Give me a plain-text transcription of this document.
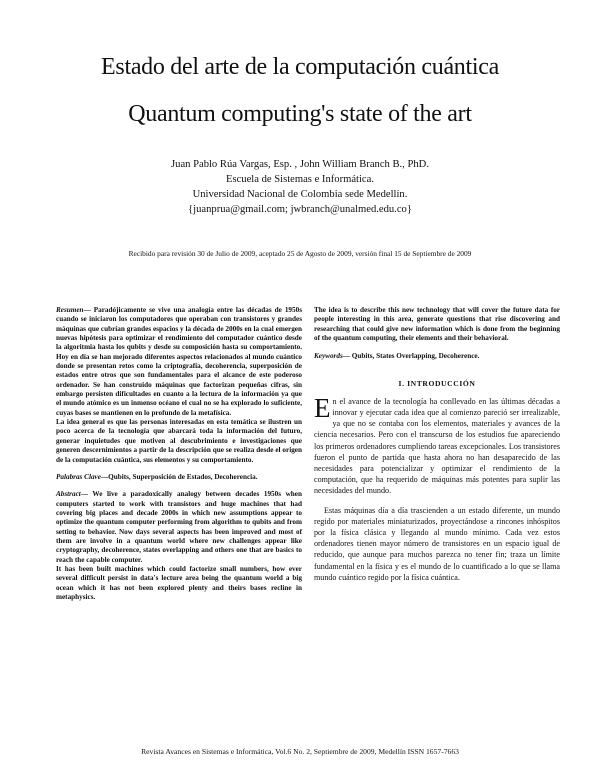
Estado del arte de la computación cuántica
Quantum computing's state of the art
Juan Pablo Rúa Vargas, Esp. , John William Branch B., PhD.
Escuela de Sistemas e Informática.
Universidad Nacional de Colombia sede Medellín.
{juanprua@gmail.com; jwbranch@unalmed.edu.co}
Recibido para revisión 30 de Julio de 2009, aceptado 25 de Agosto de 2009, versión final 15 de Septiembre de 2009

Resumen— Paradójicamente se vive una analogía entre las décadas de 1950s cuando se iniciaron los computadores que operaban con transistores y grandes máquinas que cubrían grandes espacios y la década de 2000s en la cual emergen nuevas hipótesis para optimizar el rendimiento del computador cuántico desde la algoritmia hasta los qubits y desde su composición hasta su comportamiento. Hoy en día se han mejorado diferentes aspectos relacionados al mundo cuántico donde se presentan retos como la criptografía, decoherencia, superposición de estados entre otros que son fundamentales para el alcance de este poderoso ordenador. Se han construido máquinas que factorizan pequeñas cifras, sin embargo persisten dificultades en cuanto a la lectura de la información ya que el mundo atómico es un inmenso océano el cual no se ha explorado lo suficiente, cuyas bases se mantienen en lo profundo de la metafísica.

La idea general es que las personas interesadas en esta temática se ilustren un poco acerca de la tecnología que abarcará toda la información del futuro, generar inquietudes que motiven al descubrimiento e investigaciones que generen descernimientos a partir de la descripción que se realiza desde el origen de la computación cuántica, sus elementos y su comportamiento.

Palabras Clave—Qubits, Superposición de Estados, Decoherencia.

Abstract— We live a paradoxically analogy between decades 1950s when computers started to work with transistors and huge machines that had covering big places and decade 2000s in which new assumptions appear to optimize the quantum computer performing from algorithm to qubits and from setting to behavior. Now days several aspects has been improved and most of them are involve in a quantum world where new challenges appear like cryptography, decoherence, states overlapping and others one that are basics to reach the capable computer.

It has been built machines which could factorize small numbers, how ever several difficult persist in data's lecture area being the quantum world a big ocean which it has not been explored plenty and theirs bases recline in metaphysics.

The idea is to describe this new technology that will cover the future data for people interesting in this area, generate questions that rise discovering and researching that could give new information which is done from the beginning of the quantum computing, their elements and their behavioral.

Keywords— Qubits, States Overlapping, Decoherence.

I. INTRODUCCIÓN

En el avance de la tecnología ha conllevado en las últimas décadas a innovar y ejecutar cada idea que al comienzo pareció ser irrealizable, ya que no se contaba con los elementos, materiales y avances de la ciencia necesarios. Pero con el transcurso de los estudios fue apareciendo los primeros ordenadores cumpliendo tareas excepcionales. Los transistores fueron el punto de partida que hasta ahora no han desaparecido de las necesidades para potencializar y optimizar el rendimiento de la computación, que ha requerido de máquinas más potentes para suplir las necesidades del mundo.

Estas máquinas día a día trascienden a un estado diferente, un mundo regido por materiales miniaturizados, proyectándose a rincones inhóspitos por la física clásica y llegando al mundo mínimo. Cada vez estos ordenadores tienen mayor número de transistores en un espacio igual de reducido, que aunque para muchos parezca no tener fin; traza un límite fundamental en la física y es el mundo de lo cuantificado a lo que se llama mundo cuántico regido por la física cuántica.

Revista Avances en Sistemas e Informática, Vol.6 No. 2, Septiembre de 2009, Medellín ISSN 1657-7663
